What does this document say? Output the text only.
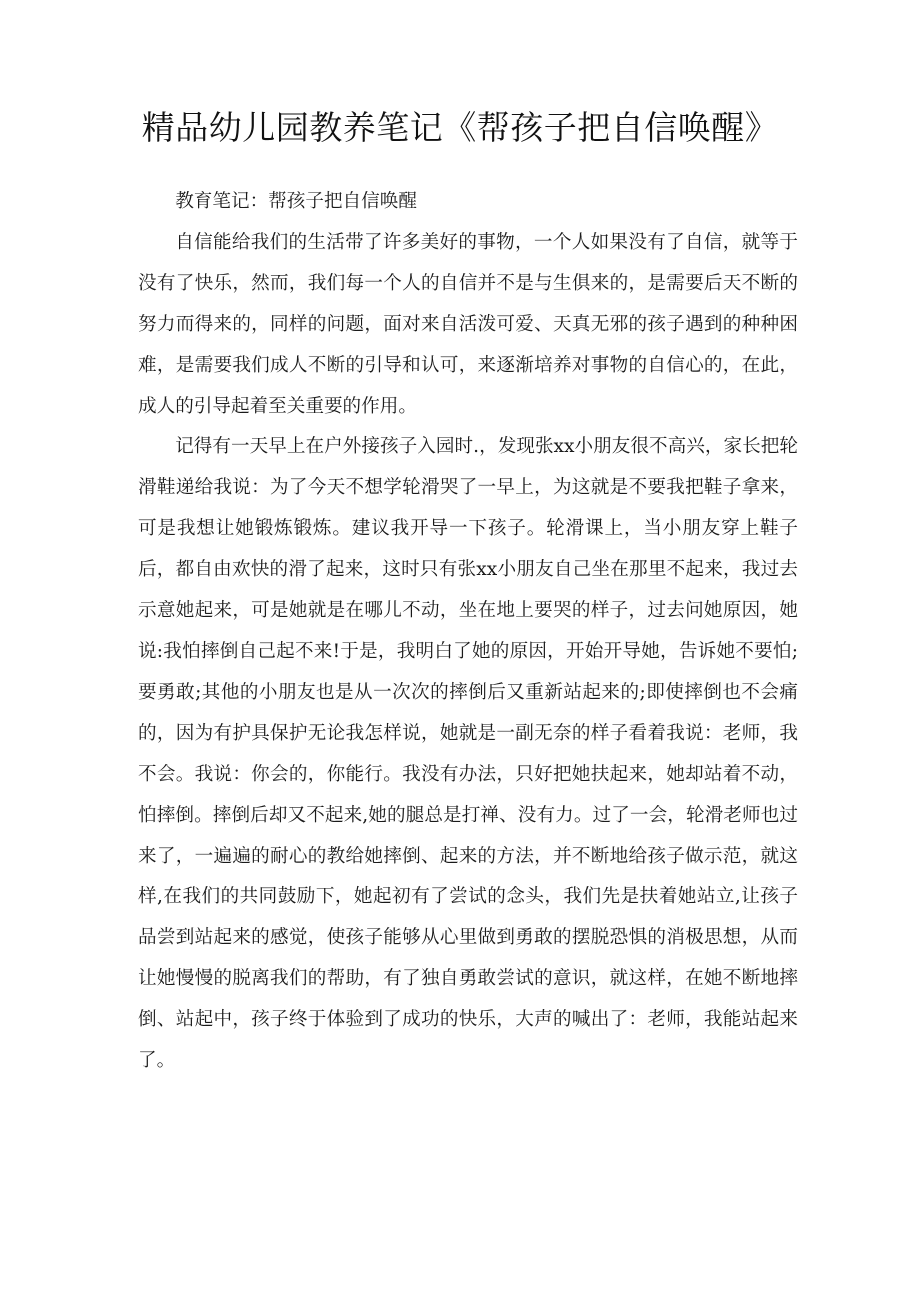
精品幼儿园教养笔记《帮孩子把自信唤醒》

教育笔记：帮孩子把自信唤醒

自信能给我们的生活带了许多美好的事物，一个人如果没有了自信，就等于没有了快乐，然而，我们每一个人的自信并不是与生俱来的，是需要后天不断的努力而得来的，同样的问题，面对来自活泼可爱、天真无邪的孩子遇到的种种困难，是需要我们成人不断的引导和认可，来逐渐培养对事物的自信心的，在此，成人的引导起着至关重要的作用。

记得有一天早上在户外接孩子入园时.，发现张xx小朋友很不高兴，家长把轮滑鞋递给我说：为了今天不想学轮滑哭了一早上，为这就是不要我把鞋子拿来，可是我想让她锻炼锻炼。建议我开导一下孩子。轮滑课上，当小朋友穿上鞋子后，都自由欢快的滑了起来，这时只有张xx小朋友自己坐在那里不起来，我过去示意她起来，可是她就是在哪儿不动，坐在地上要哭的样子，过去问她原因，她说:我怕摔倒自己起不来!于是，我明白了她的原因，开始开导她，告诉她不要怕;要勇敢;其他的小朋友也是从一次次的摔倒后又重新站起来的;即使摔倒也不会痛的，因为有护具保护无论我怎样说，她就是一副无奈的样子看着我说：老师，我不会。我说：你会的，你能行。我没有办法，只好把她扶起来，她却站着不动，怕摔倒。摔倒后却又不起来,她的腿总是打禅、没有力。过了一会，轮滑老师也过来了，一遍遍的耐心的教给她摔倒、起来的方法，并不断地给孩子做示范，就这样,在我们的共同鼓励下，她起初有了尝试的念头，我们先是扶着她站立,让孩子品尝到站起来的感觉，使孩子能够从心里做到勇敢的摆脱恐惧的消极思想，从而让她慢慢的脱离我们的帮助，有了独自勇敢尝试的意识，就这样，在她不断地摔倒、站起中，孩子终于体验到了成功的快乐，大声的喊出了：老师，我能站起来了。
